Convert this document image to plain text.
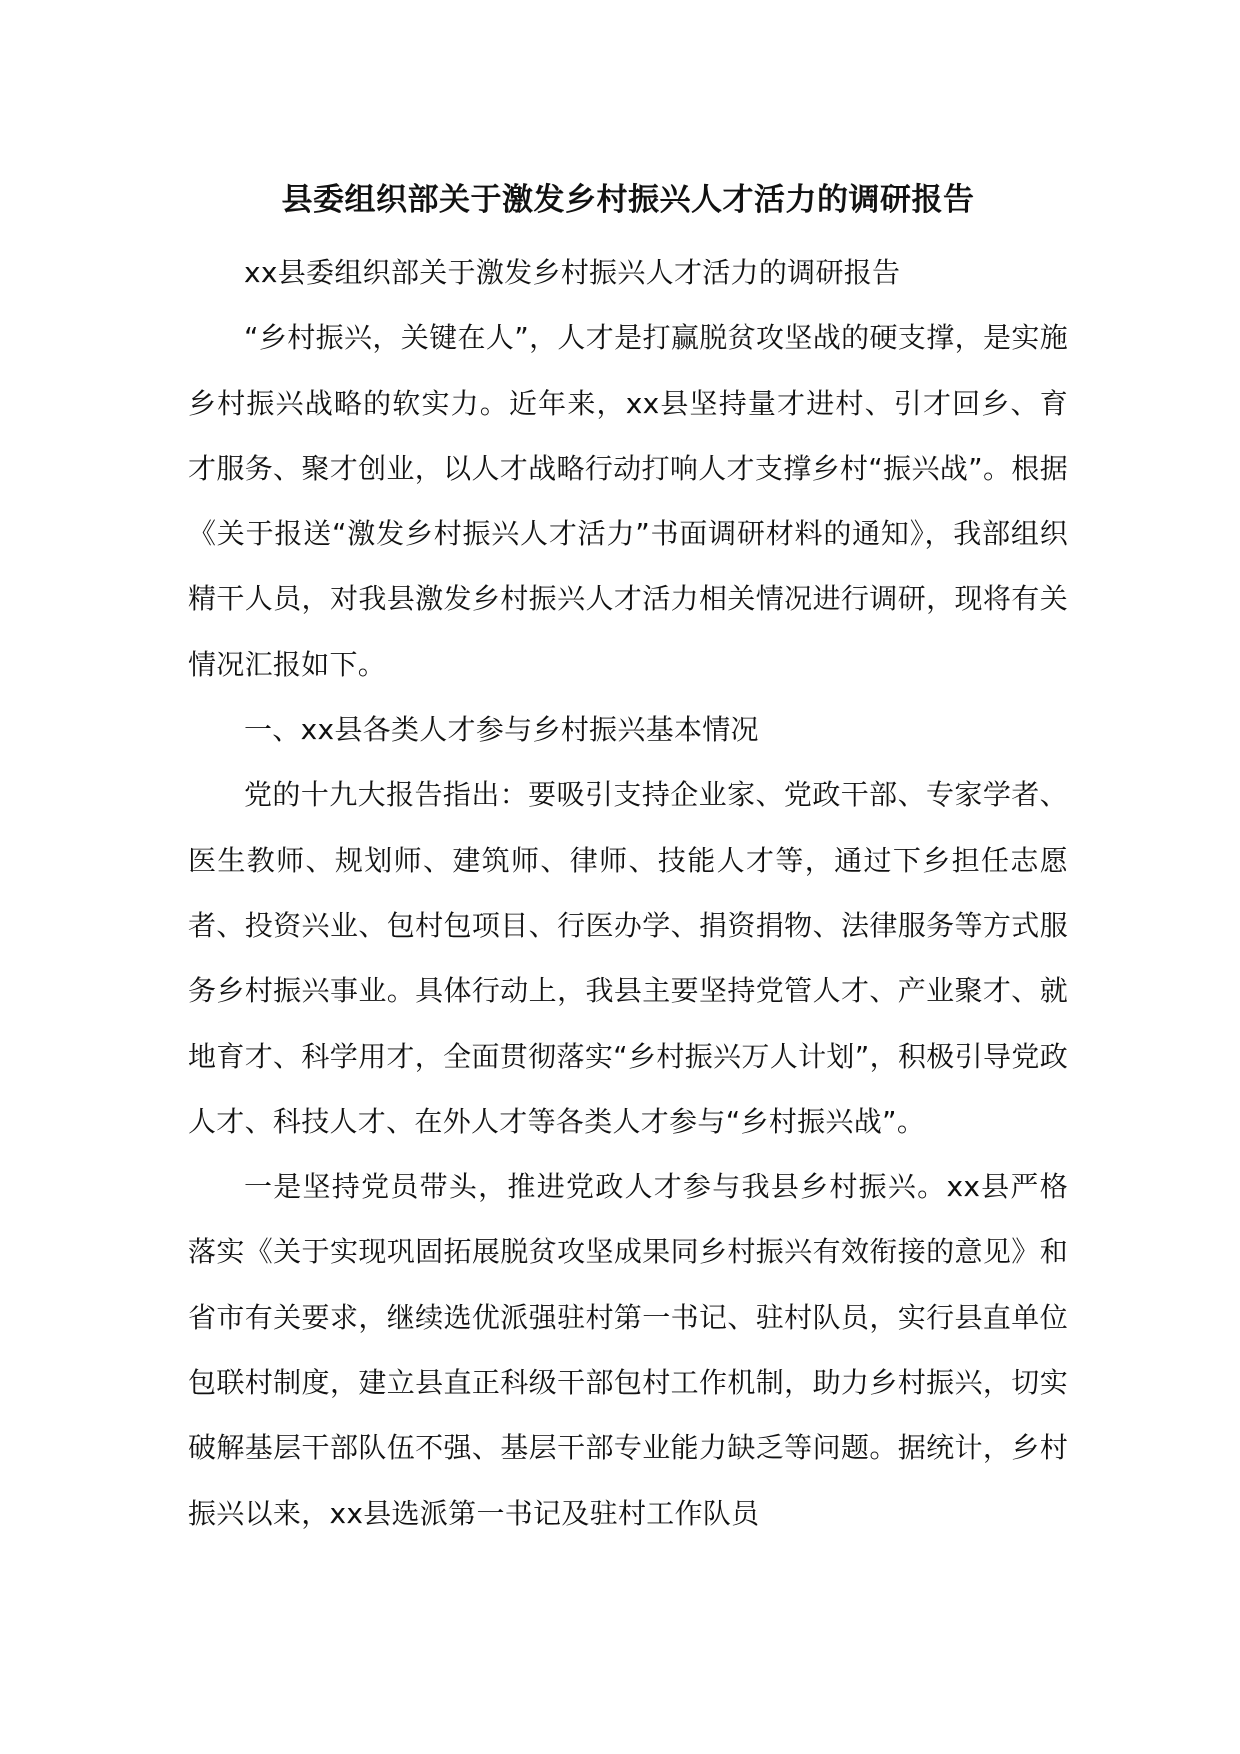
县委组织部关于激发乡村振兴人才活力的调研报告

xx县委组织部关于激发乡村振兴人才活力的调研报告

“乡村振兴，关键在人”，人才是打赢脱贫攻坚战的硬支撑，是实施乡村振兴战略的软实力。近年来，xx县坚持量才进村、引才回乡、育才服务、聚才创业，以人才战略行动打响人才支撑乡村“振兴战”。根据《关于报送“激发乡村振兴人才活力”书面调研材料的通知》，我部组织精干人员，对我县激发乡村振兴人才活力相关情况进行调研，现将有关情况汇报如下。

一、xx县各类人才参与乡村振兴基本情况

党的十九大报告指出：要吸引支持企业家、党政干部、专家学者、医生教师、规划师、建筑师、律师、技能人才等，通过下乡担任志愿者、投资兴业、包村包项目、行医办学、捐资捐物、法律服务等方式服务乡村振兴事业。具体行动上，我县主要坚持党管人才、产业聚才、就地育才、科学用才，全面贯彻落实“乡村振兴万人计划”，积极引导党政人才、科技人才、在外人才等各类人才参与“乡村振兴战”。

一是坚持党员带头，推进党政人才参与我县乡村振兴。xx县严格落实《关于实现巩固拓展脱贫攻坚成果同乡村振兴有效衔接的意见》和省市有关要求，继续选优派强驻村第一书记、驻村队员，实行县直单位包联村制度，建立县直正科级干部包村工作机制，助力乡村振兴，切实破解基层干部队伍不强、基层干部专业能力缺乏等问题。据统计，乡村振兴以来，xx县选派第一书记及驻村工作队员
